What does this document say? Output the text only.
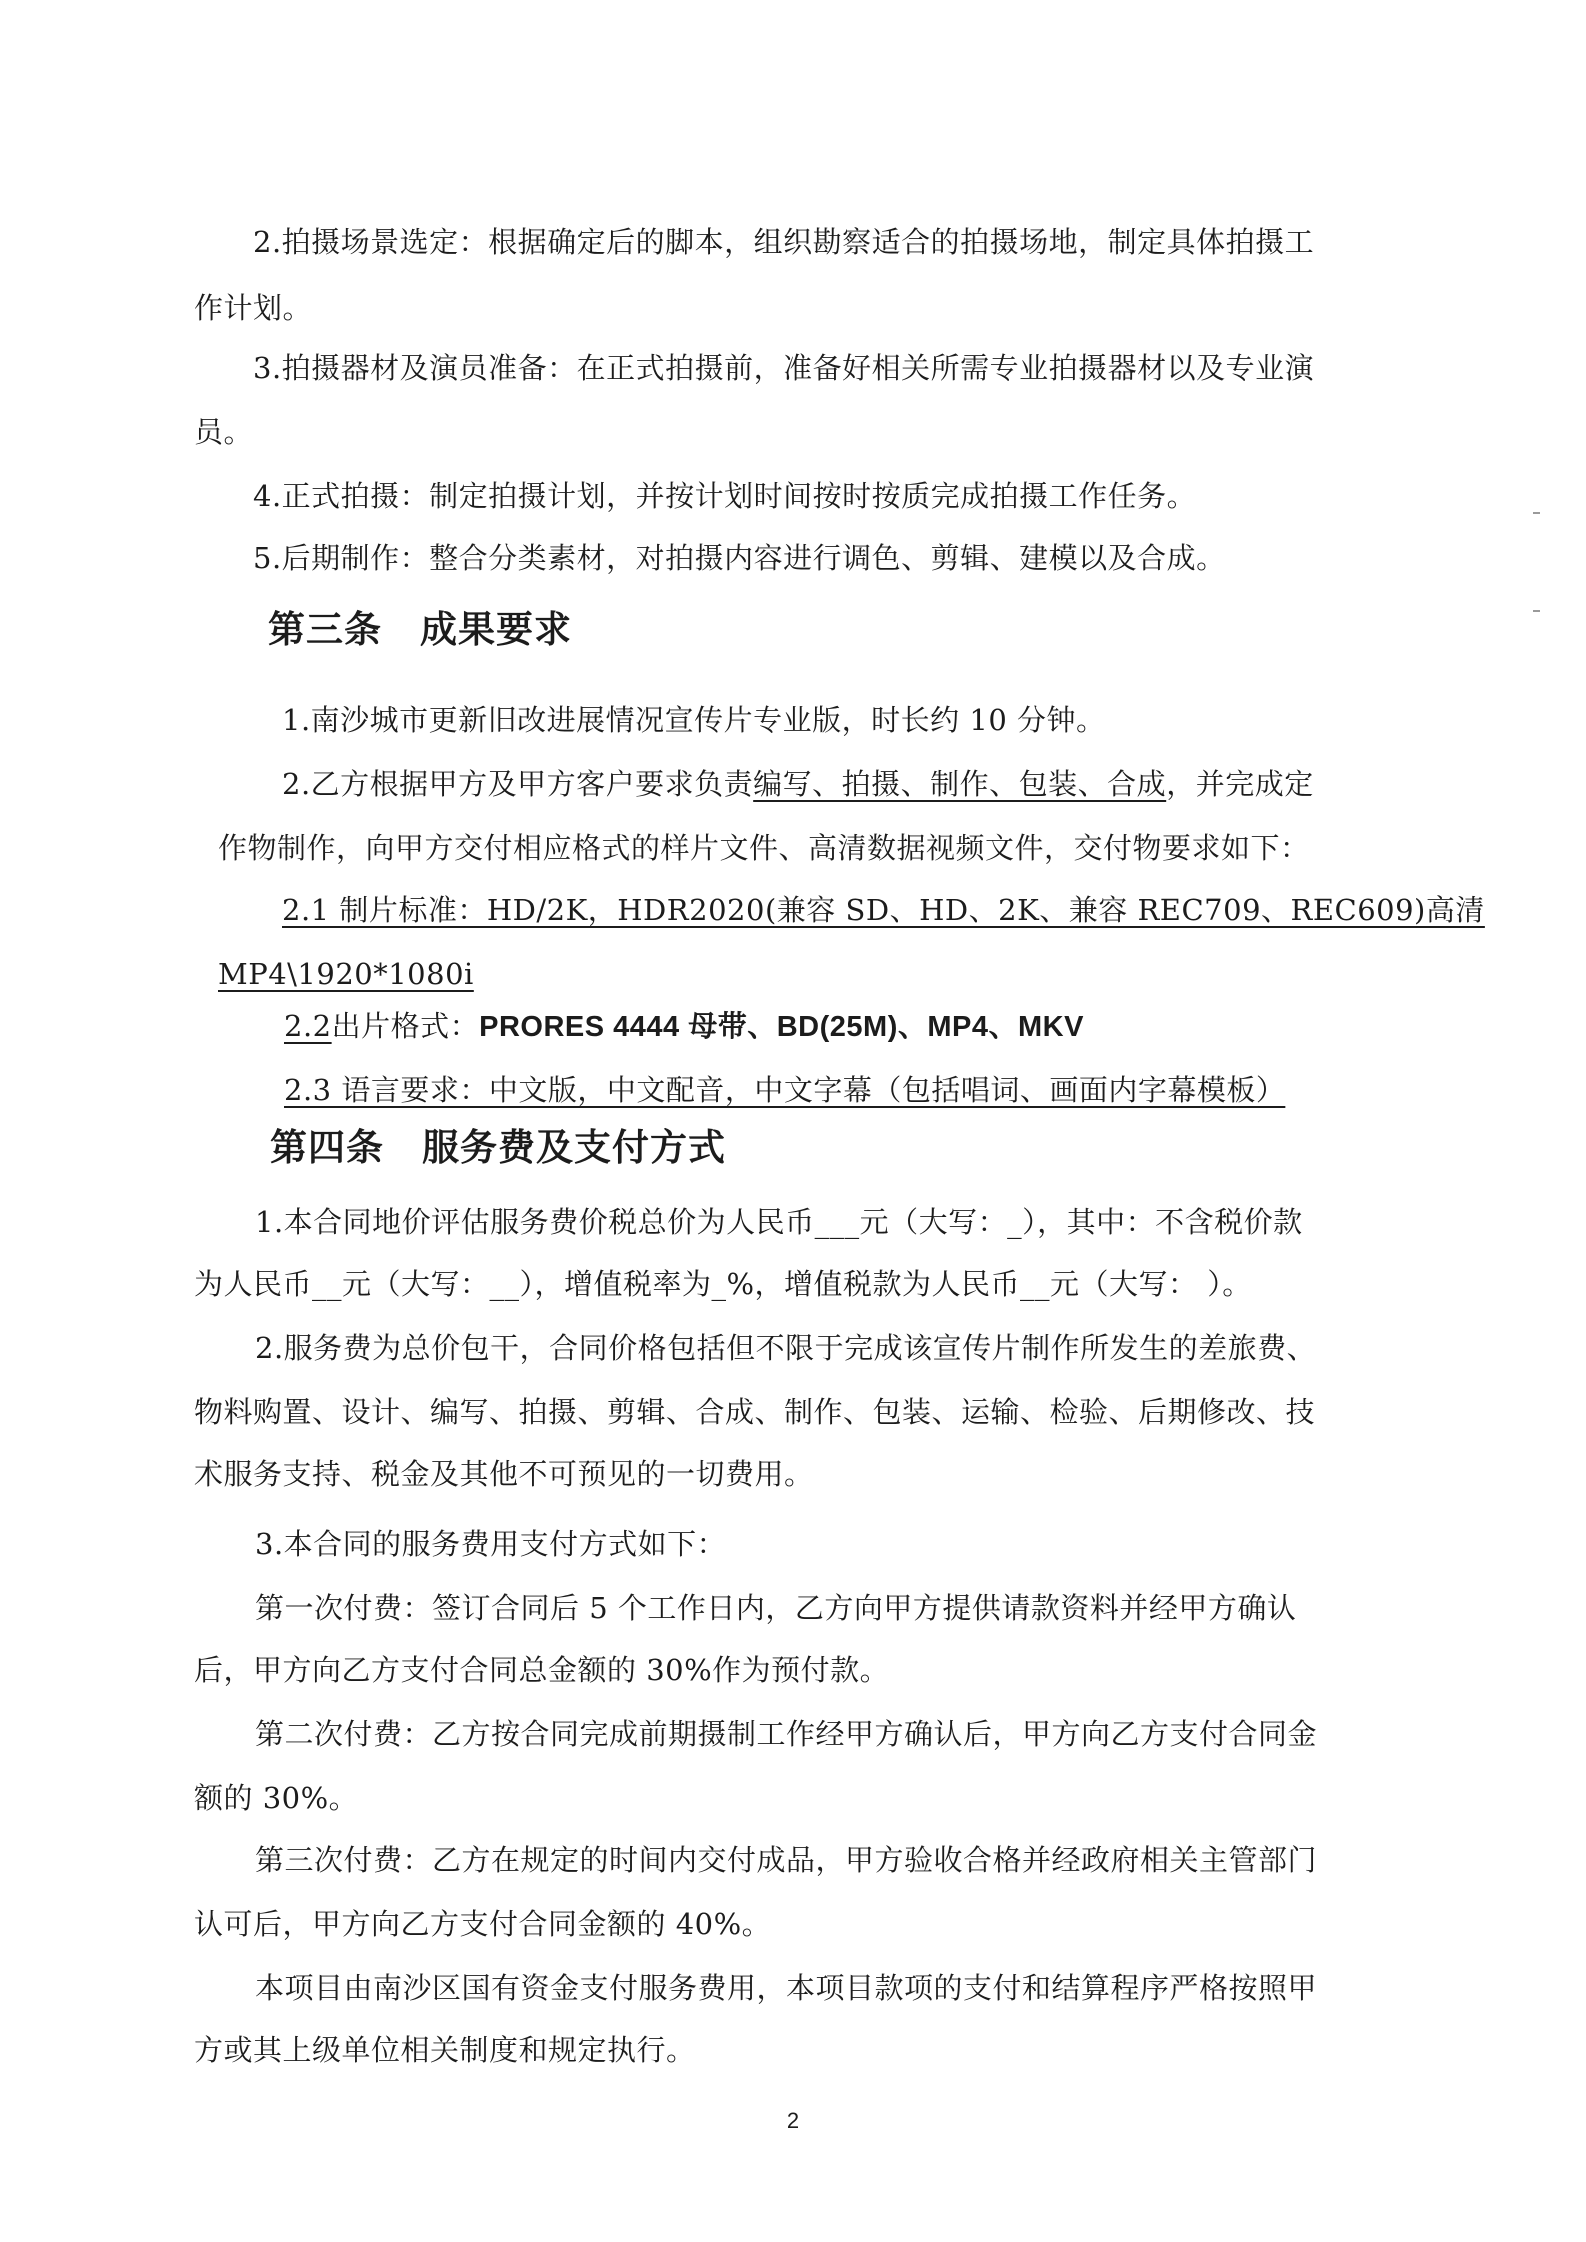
2.拍摄场景选定：根据确定后的脚本，组织勘察适合的拍摄场地，制定具体拍摄工
作计划。
3.拍摄器材及演员准备：在正式拍摄前，准备好相关所需专业拍摄器材以及专业演
员。
4.正式拍摄：制定拍摄计划，并按计划时间按时按质完成拍摄工作任务。
5.后期制作：整合分类素材，对拍摄内容进行调色、剪辑、建模以及合成。
第三条 成果要求
1.南沙城市更新旧改进展情况宣传片专业版，时长约 10 分钟。
2.乙方根据甲方及甲方客户要求负责编写、拍摄、制作、包装、合成，并完成定
作物制作，向甲方交付相应格式的样片文件、高清数据视频文件，交付物要求如下：
2.1 制片标准：HD/2K，HDR2020(兼容 SD、HD、2K、兼容 REC709、REC609)高清
MP4\1920*1080i
2.2出片格式：PRORES 4444 母带、BD(25M)、MP4、MKV
2.3 语言要求：中文版，中文配音，中文字幕（包括唱词、画面内字幕模板）
第四条 服务费及支付方式
1.本合同地价评估服务费价税总价为人民币___元（大写：_），其中：不含税价款
为人民币__元（大写：__），增值税率为_%，增值税款为人民币__元（大写： ）。
2.服务费为总价包干，合同价格包括但不限于完成该宣传片制作所发生的差旅费、
物料购置、设计、编写、拍摄、剪辑、合成、制作、包装、运输、检验、后期修改、技
术服务支持、税金及其他不可预见的一切费用。
3.本合同的服务费用支付方式如下：
第一次付费：签订合同后 5 个工作日内，乙方向甲方提供请款资料并经甲方确认
后，甲方向乙方支付合同总金额的 30%作为预付款。
第二次付费：乙方按合同完成前期摄制工作经甲方确认后，甲方向乙方支付合同金
额的 30%。
第三次付费：乙方在规定的时间内交付成品，甲方验收合格并经政府相关主管部门
认可后，甲方向乙方支付合同金额的 40%。
本项目由南沙区国有资金支付服务费用，本项目款项的支付和结算程序严格按照甲
方或其上级单位相关制度和规定执行。
2
